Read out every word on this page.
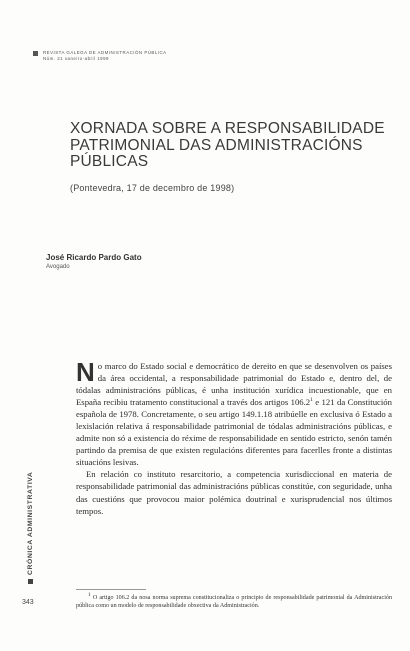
REVISTA GALEGA DE ADMINISTRACIÓN PÚBLICA
Núm. 21 xaneiro-abril 1999
XORNADA SOBRE A RESPONSABILIDADE
PATRIMONIAL DAS ADMINISTRACIÓNS
PÚBLICAS
(Pontevedra, 17 de decembro de 1998)
José Ricardo Pardo Gato
Avogado

No marco do Estado social e democrático de dereito en que se desenvolven os países da área occidental, a responsabilidade patrimonial do Estado e, dentro del, de tódalas administracións públicas, é unha institución xurídica incuestionable, que en España recibiu tratamento constitucional a través dos artigos 106.2$^1$ e 121 da Constitución española de 1978. Concretamente, o seu artigo 149.1.18 atribúelle en exclusiva ó Estado a lexislación relativa á responsabilidade patrimonial de tódalas administracións públicas, e admite non só a existencia do réxime de responsabilidade en sentido estricto, senón tamén partindo da premisa de que existen regulacións diferentes para facerlles fronte a distintas situacións lesivas.

En relación co instituto resarcitorio, a competencia xurisdiccional en materia de responsabilidade patrimonial das administracións públicas constitúe, con seguridade, unha das cuestións que provocou maior polémica doutrinal e xurisprudencial nos últimos tempos.

$^1$ O artigo 106.2 da nosa norma suprema constitucionaliza o principio de responsabilidade patrimonial da Administración pública como un modelo de responsabilidade obxectiva da Administración.

CRÓNICA ADMINISTRATIVA
343
